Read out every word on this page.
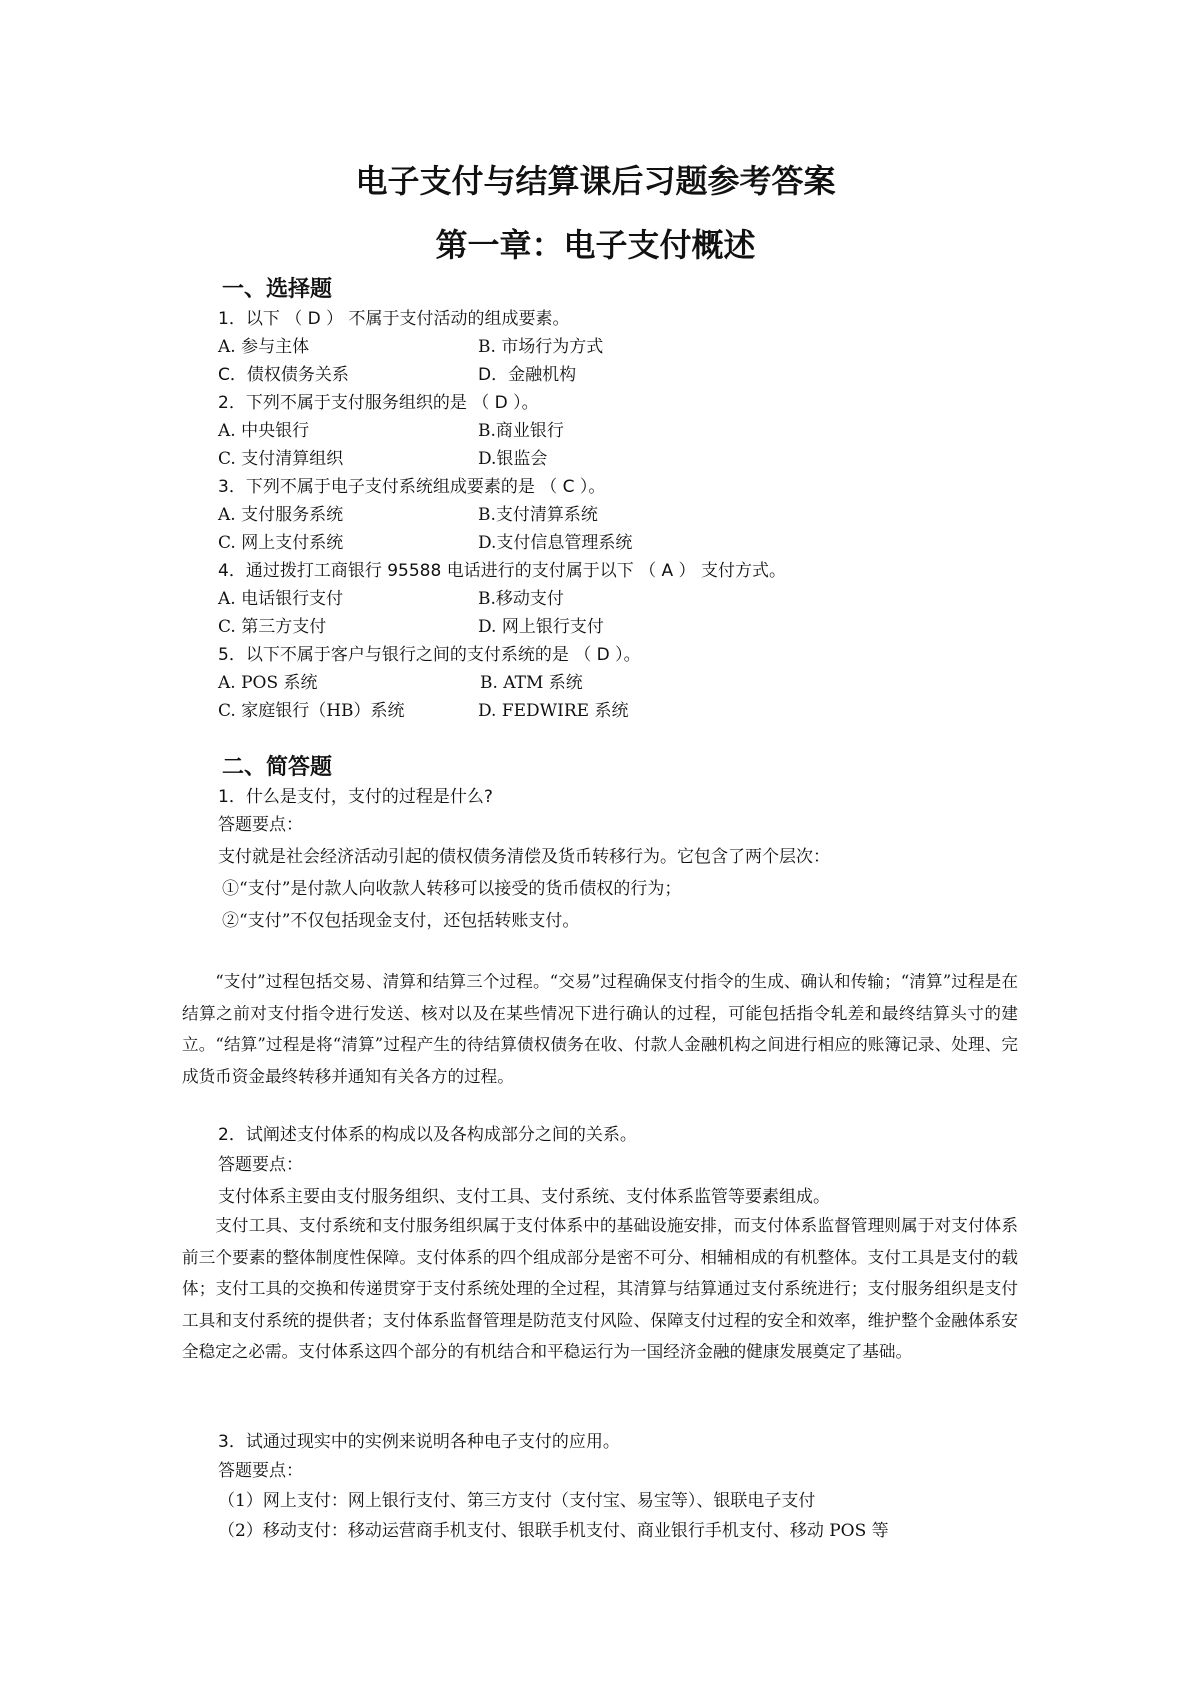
电子支付与结算课后习题参考答案
第一章：电子支付概述
一、选择题
1．以下 （ D ） 不属于支付活动的组成要素。
A. 参与主体	B. 市场行为方式
C．债权债务关系	D．金融机构
2．下列不属于支付服务组织的是 （ D ）。
A. 中央银行	B.商业银行
C. 支付清算组织	D.银监会
3．下列不属于电子支付系统组成要素的是 （ C ）。
A. 支付服务系统	B.支付清算系统
C. 网上支付系统	D.支付信息管理系统
4．通过拨打工商银行 95588 电话进行的支付属于以下 （ A ） 支付方式。
A. 电话银行支付	B.移动支付
C. 第三方支付	D. 网上银行支付
5．以下不属于客户与银行之间的支付系统的是 （ D ）。
A. POS 系统	B. ATM 系统
C. 家庭银行（HB）系统	D. FEDWIRE 系统
二、简答题
1．什么是支付，支付的过程是什么?
答题要点：
支付就是社会经济活动引起的债权债务清偿及货币转移行为。它包含了两个层次：
①“支付”是付款人向收款人转移可以接受的货币债权的行为；
②“支付”不仅包括现金支付，还包括转账支付。

“支付”过程包括交易、清算和结算三个过程。“交易”过程确保支付指令的生成、确认和传输；“清算”过程是在结算之前对支付指令进行发送、核对以及在某些情况下进行确认的过程，可能包括指令轧差和最终结算头寸的建立。“结算”过程是将“清算”过程产生的待结算债权债务在收、付款人金融机构之间进行相应的账簿记录、处理、完成货币资金最终转移并通知有关各方的过程。

2．试阐述支付体系的构成以及各构成部分之间的关系。
答题要点：
支付体系主要由支付服务组织、支付工具、支付系统、支付体系监管等要素组成。

支付工具、支付系统和支付服务组织属于支付体系中的基础设施安排，而支付体系监督管理则属于对支付体系前三个要素的整体制度性保障。支付体系的四个组成部分是密不可分、相辅相成的有机整体。支付工具是支付的载体；支付工具的交换和传递贯穿于支付系统处理的全过程，其清算与结算通过支付系统进行；支付服务组织是支付工具和支付系统的提供者；支付体系监督管理是防范支付风险、保障支付过程的安全和效率，维护整个金融体系安全稳定之必需。支付体系这四个部分的有机结合和平稳运行为一国经济金融的健康发展奠定了基础。

3．试通过现实中的实例来说明各种电子支付的应用。
答题要点：
（1）网上支付：网上银行支付、第三方支付（支付宝、易宝等）、银联电子支付
（2）移动支付：移动运营商手机支付、银联手机支付、商业银行手机支付、移动 POS 等
